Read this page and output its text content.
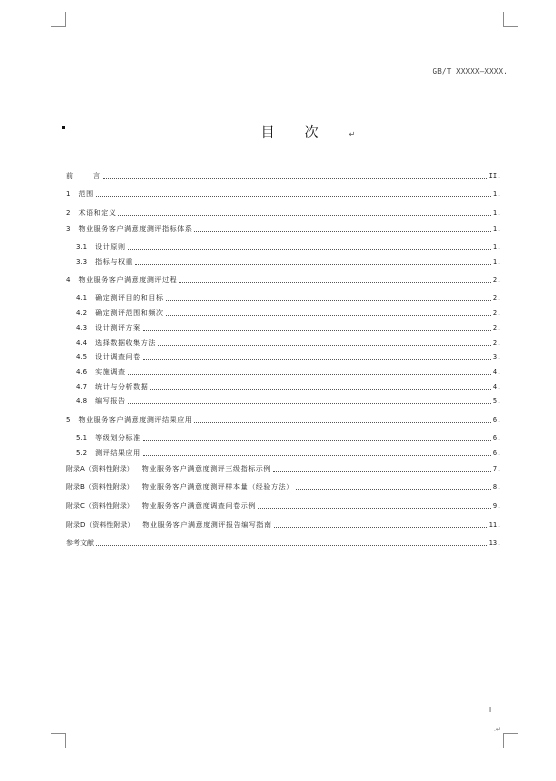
GB/T XXXXX—XXXX.
目次↵
前	言	II .
1 范围	1 .
2 术语和定义	1 .
3 物业服务客户满意度测评指标体系	1 .
3.1 设计原则	1 .
3.3 指标与权重	1 .
4 物业服务客户满意度测评过程	2 .
4.1 确定测评目的和目标	2 .
4.2 确定测评范围和频次	2 .
4.3 设计测评方案	2 .
4.4 选择数据收集方法	2 .
4.5 设计调查问卷	3 .
4.6 实施调查	4 .
4.7 统计与分析数据	4 .
4.8 编写报告	5 .
5 物业服务客户满意度测评结果应用	6 .
5.1 等级划分标准	6 .
5.2 测评结果应用	6 .
附录A（资料性附录） 物业服务客户满意度测评三级指标示例	7 .
附录B（资料性附录） 物业服务客户满意度测评样本量（经验方法）	8 .
附录C（资料性附录） 物业服务客户满意度调查问卷示例	9 .
附录D（资料性附录） 物业服务客户满意度测评报告编写指南	11 .
参考文献	13 .
I
.↵
